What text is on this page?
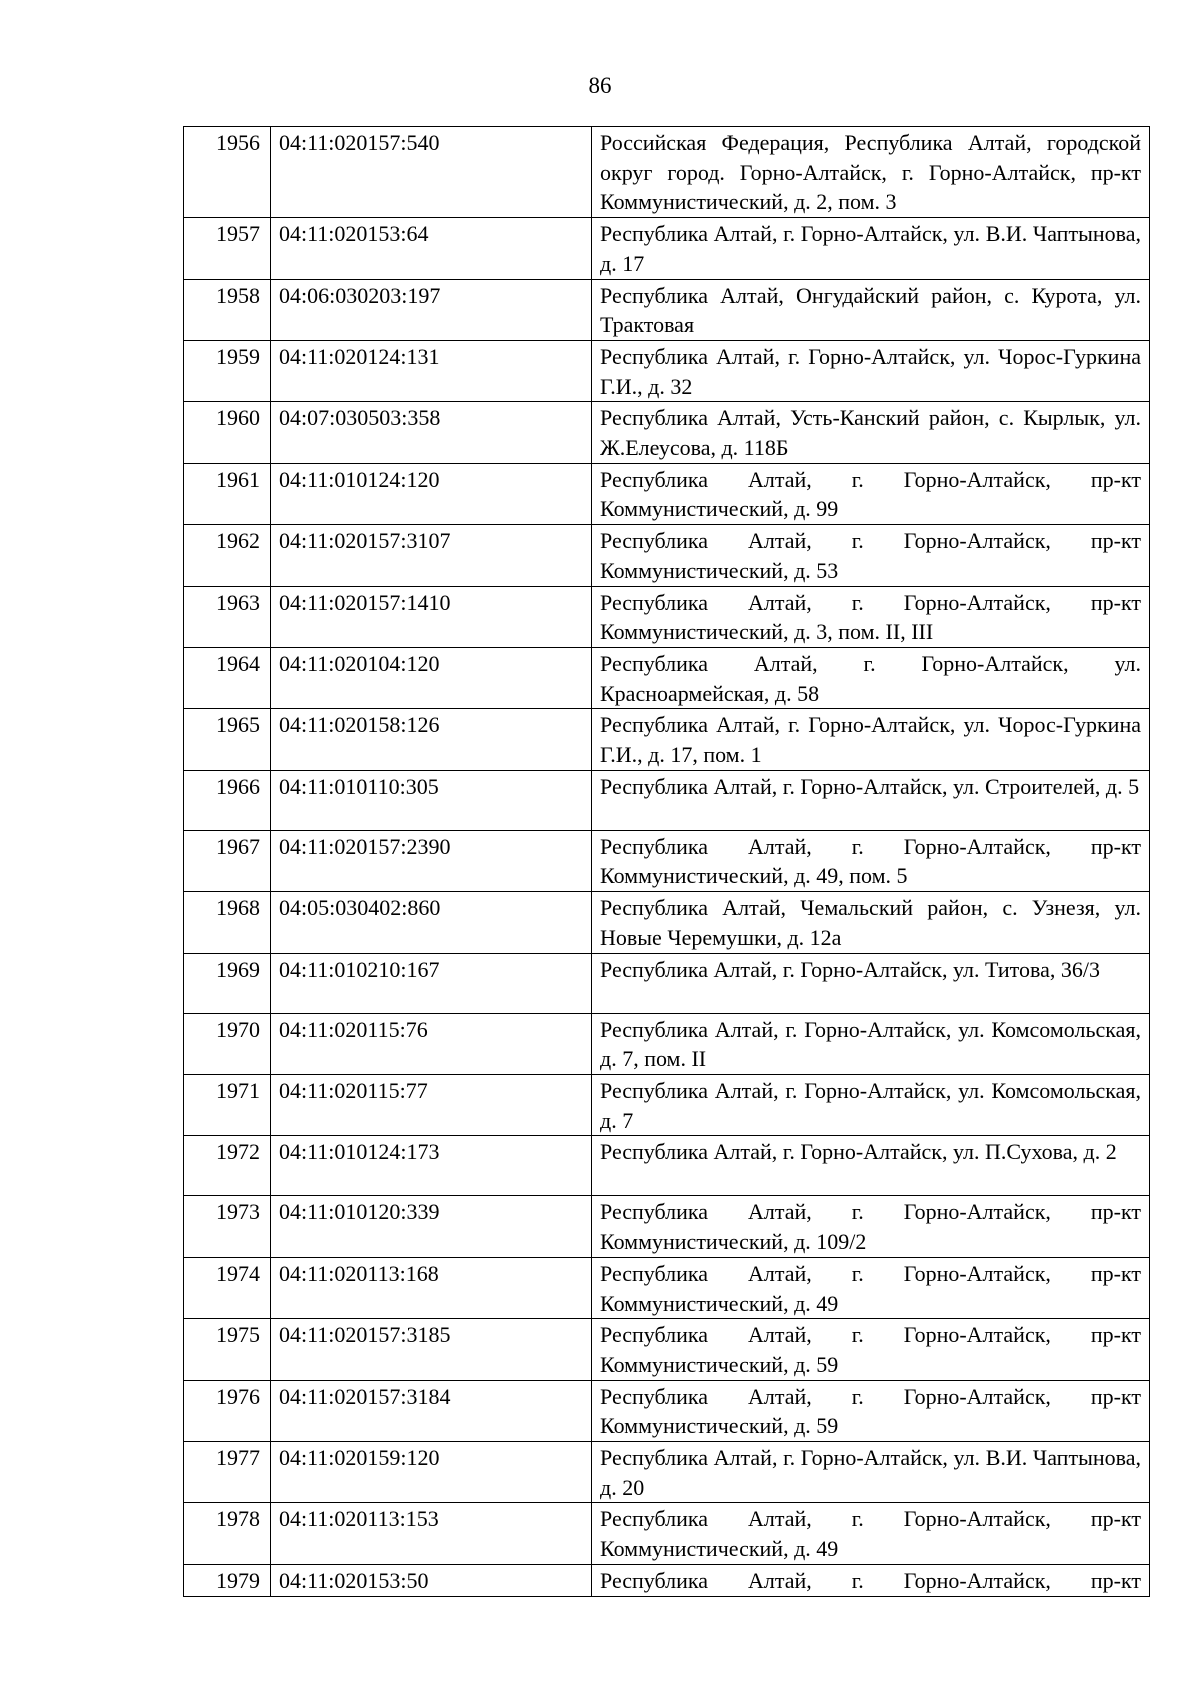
86
1956	04:11:020157:540	Российская Федерация, Республика Алтай, городской округ город. Горно-Алтайск, г. Горно-Алтайск, пр-кт Коммунистический, д. 2, пом. 3
1957	04:11:020153:64	Республика Алтай, г. Горно-Алтайск, ул. В.И. Чаптынова, д. 17
1958	04:06:030203:197	Республика Алтай, Онгудайский район, с. Курота, ул. Трактовая
1959	04:11:020124:131	Республика Алтай, г. Горно-Алтайск, ул. Чорос-Гуркина Г.И., д. 32
1960	04:07:030503:358	Республика Алтай, Усть-Канский район, с. Кырлык, ул. Ж.Елеусова, д. 118Б
1961	04:11:010124:120	Республика Алтай, г. Горно-Алтайск, пр-кт Коммунистический, д. 99
1962	04:11:020157:3107	Республика Алтай, г. Горно-Алтайск, пр-кт Коммунистический, д. 53
1963	04:11:020157:1410	Республика Алтай, г. Горно-Алтайск, пр-кт Коммунистический, д. 3, пом. II, III
1964	04:11:020104:120	Республика Алтай, г. Горно-Алтайск, ул. Красноармейская, д. 58
1965	04:11:020158:126	Республика Алтай, г. Горно-Алтайск, ул. Чорос-Гуркина Г.И., д. 17, пом. 1
1966	04:11:010110:305	Республика Алтай, г. Горно-Алтайск, ул. Строителей, д. 5
1967	04:11:020157:2390	Республика Алтай, г. Горно-Алтайск, пр-кт Коммунистический, д. 49, пом. 5
1968	04:05:030402:860	Республика Алтай, Чемальский район, с. Узнезя, ул. Новые Черемушки, д. 12а
1969	04:11:010210:167	Республика Алтай, г. Горно-Алтайск, ул. Титова, 36/3
1970	04:11:020115:76	Республика Алтай, г. Горно-Алтайск, ул. Комсомольская, д. 7, пом. II
1971	04:11:020115:77	Республика Алтай, г. Горно-Алтайск, ул. Комсомольская, д. 7
1972	04:11:010124:173	Республика Алтай, г. Горно-Алтайск, ул. П.Сухова, д. 2
1973	04:11:010120:339	Республика Алтай, г. Горно-Алтайск, пр-кт Коммунистический, д. 109/2
1974	04:11:020113:168	Республика Алтай, г. Горно-Алтайск, пр-кт Коммунистический, д. 49
1975	04:11:020157:3185	Республика Алтай, г. Горно-Алтайск, пр-кт Коммунистический, д. 59
1976	04:11:020157:3184	Республика Алтай, г. Горно-Алтайск, пр-кт Коммунистический, д. 59
1977	04:11:020159:120	Республика Алтай, г. Горно-Алтайск, ул. В.И. Чаптынова, д. 20
1978	04:11:020113:153	Республика Алтай, г. Горно-Алтайск, пр-кт Коммунистический, д. 49
1979	04:11:020153:50	Республика Алтай, г. Горно-Алтайск, пр-кт
